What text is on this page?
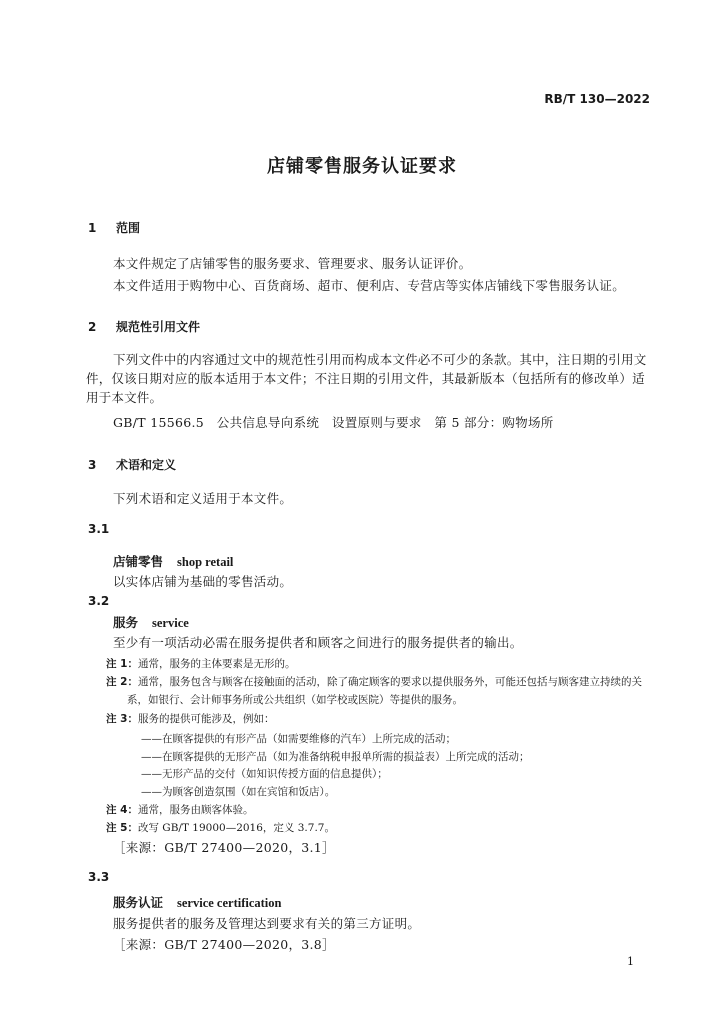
RB/T 130—2022
店铺零售服务认证要求
1 范围
本文件规定了店铺零售的服务要求、管理要求、服务认证评价。
本文件适用于购物中心、百货商场、超市、便利店、专营店等实体店铺线下零售服务认证。
2 规范性引用文件
下列文件中的内容通过文中的规范性引用而构成本文件必不可少的条款。其中，注日期的引用文件，仅该日期对应的版本适用于本文件；不注日期的引用文件，其最新版本（包括所有的修改单）适用于本文件。
GB/T 15566.5　公共信息导向系统　设置原则与要求　第 5 部分：购物场所
3 术语和定义
下列术语和定义适用于本文件。
3.1
店铺零售 shop retail
以实体店铺为基础的零售活动。
3.2
服务 service
至少有一项活动必需在服务提供者和顾客之间进行的服务提供者的输出。
注 1：通常，服务的主体要素是无形的。
注 2：通常，服务包含与顾客在接触面的活动，除了确定顾客的要求以提供服务外，可能还包括与顾客建立持续的关
系，如银行、会计师事务所或公共组织（如学校或医院）等提供的服务。
注 3：服务的提供可能涉及，例如：
——在顾客提供的有形产品（如需要维修的汽车）上所完成的活动；
——在顾客提供的无形产品（如为准备纳税申报单所需的损益表）上所完成的活动；
——无形产品的交付（如知识传授方面的信息提供）；
——为顾客创造氛围（如在宾馆和饭店）。
注 4：通常，服务由顾客体验。
注 5：改写 GB/T 19000—2016，定义 3.7.7。
［来源：GB/T 27400—2020，3.1］
3.3
服务认证 service certification
服务提供者的服务及管理达到要求有关的第三方证明。
［来源：GB/T 27400—2020，3.8］
1
